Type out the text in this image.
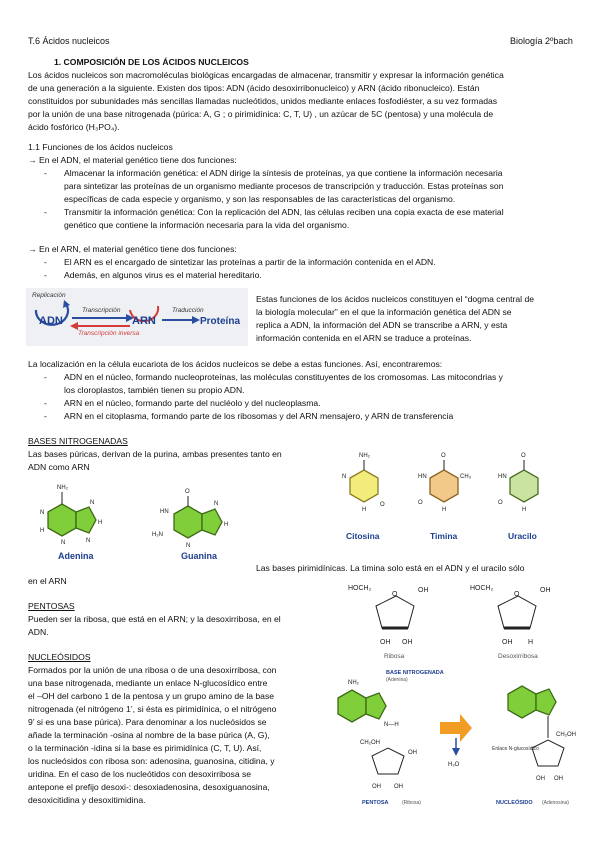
T.6 Ácidos nucleicos	Biología 2ºbach
1. COMPOSICIÓN DE LOS ÁCIDOS NUCLEICOS
Los ácidos nucleicos son macromoléculas biológicas encargadas de almacenar, transmitir y expresar la información genética
de una generación a la siguiente. Existen dos tipos: ADN (ácido desoxirribonucleico) y ARN (ácido ribonucleico). Están
constituidos por subunidades más sencillas llamadas nucleótidos, unidos mediante enlaces fosfodiéster, a su vez formadas
por la unión de una base nitrogenada (púrica: A, G ; o pirimidínica: C, T, U) , un azúcar de 5C (pentosa) y una molécula de
ácido fosfórico (H₃PO₄).
1.1 Funciones de los ácidos nucleicos
→ En el ADN, el material genético tiene dos funciones:
- Almacenar la información genética: el ADN dirige la síntesis de proteínas, ya que contiene la información necesaria
para sintetizar las proteínas de un organismo mediante procesos de transcripción y traducción. Estas proteínas son
específicas de cada especie y organismo, y son las responsables de las características del organismo.
- Transmitir la información genética: Con la replicación del ADN, las células reciben una copia exacta de ese material
genético que contiene la información necesaria para la vida del organismo.
→ En el ARN, el material genético tiene dos funciones:
- El ARN es el encargado de sintetizar las proteínas a partir de la información contenida en el ADN.
- Además, en algunos virus es el material hereditario.
Replicación
ADN
Transcripción
Transcripción inversa
ARN
Traducción
Proteína
Estas funciones de los ácidos nucleicos constituyen el “dogma central de
la biología molecular” en el que la información genética del ADN se
replica a ADN, la información del ADN se transcribe a ARN, y esta
información contenida en el ARN se traduce a proteínas.
La localización en la célula eucariota de los ácidos nucleicos se debe a estas funciones. Así, encontraremos:
- ADN en el núcleo, formando nucleoproteínas, las moléculas constituyentes de los cromosomas. Las mitocondrias y
los cloroplastos, también tienen su propio ADN.
- ARN en el núcleo, formando parte del nucléolo y del nucleoplasma.
- ARN en el citoplasma, formando parte de los ribosomas y del ARN mensajero, y ARN de transferencia
BASES NITROGENADAS
Las bases púricas, derivan de la purina, ambas presentes tanto en
ADN como ARN
NH₂
N
H
N
H
N
N
Adenina
O
HN
H₂N
N
H
N
Guanina
NH₂
N
O
H
Citosina
O
HN	CH₃
O
H
Timina
O
HN
O
H
Uracilo
Las bases pirimidínicas. La timina solo está en el ADN y el uracilo sólo
en el ARN
PENTOSAS
Pueden ser la ribosa, que está en el ARN; y la desoxirribosa, en el
ADN.
HOCH₂
O
OH
OH OH
Ribosa
HOCH₂
O
OH
OH H
Desoxirribosa
NUCLEÓSIDOS
Formados por la unión de una ribosa o de una desoxirribosa, con
una base nitrogenada, mediante un enlace N-glucosídico entre
el –OH del carbono 1 de la pentosa y un grupo amino de la base
nitrogenada (el nitrógeno 1’, si ésta es pirimidínica, o el nitrógeno
9’ si es una base púrica). Para denominar a los nucleósidos se
añade la terminación -osina al nombre de la base púrica (A, G),
o la terminación -idina si la base es pirimidínica (C, T, U). Así,
los nucleósidos con ribosa son: adenosina, guanosina, citidina, y
uridina. En el caso de los nucleótidos con desoxirribosa se
antepone el prefijo desoxi-: desoxiadenosina, desoxiguanosina,
desoxicitidina y desoxitimidina.
NH₂
N—H
BASE NITROGENADA
(Adenina)
CH₂OH
OH
OH OH
PENTOSA	(Ribosa)
H₂O
CH₂OH
OH OH
Enlace N-glucosídico
NUCLEÓSIDO (Adenosina)
